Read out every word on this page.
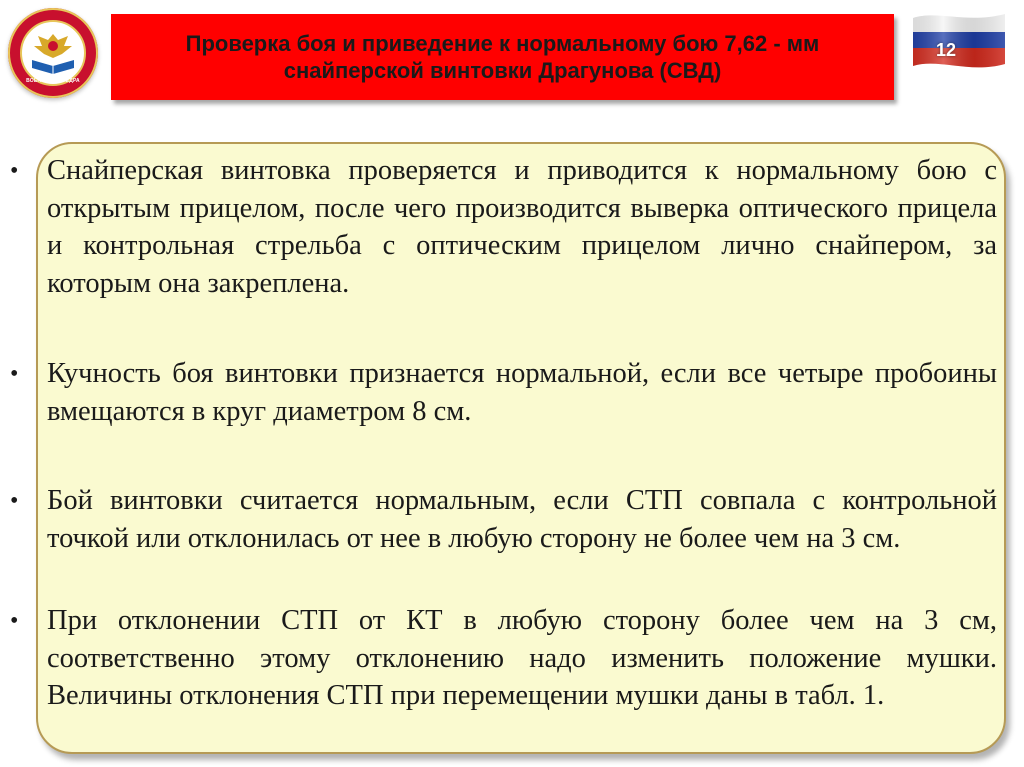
ВОЕННАЯ КАФЕДРА
Проверка боя и приведение к нормальному бою 7,62 - мм
снайперской винтовки Драгунова (СВД)
12
• Снайперская винтовка проверяется и приводится к нормальному бою с открытым прицелом, после чего производится выверка оптического прицела и контрольная стрельба с оптическим прицелом лично снайпером, за которым она закреплена.
• Кучность боя винтовки признается нормальной, если все четыре пробоины вмещаются в круг диаметром 8 см.
• Бой винтовки считается нормальным, если СТП совпала с контрольной точкой или отклонилась от нее в любую сторону не более чем на 3 см.
• При отклонении СТП от КТ в любую сторону более чем на 3 см, соответственно этому отклонению надо изменить положение мушки. Величины отклонения СТП при перемещении мушки даны в табл. 1.
